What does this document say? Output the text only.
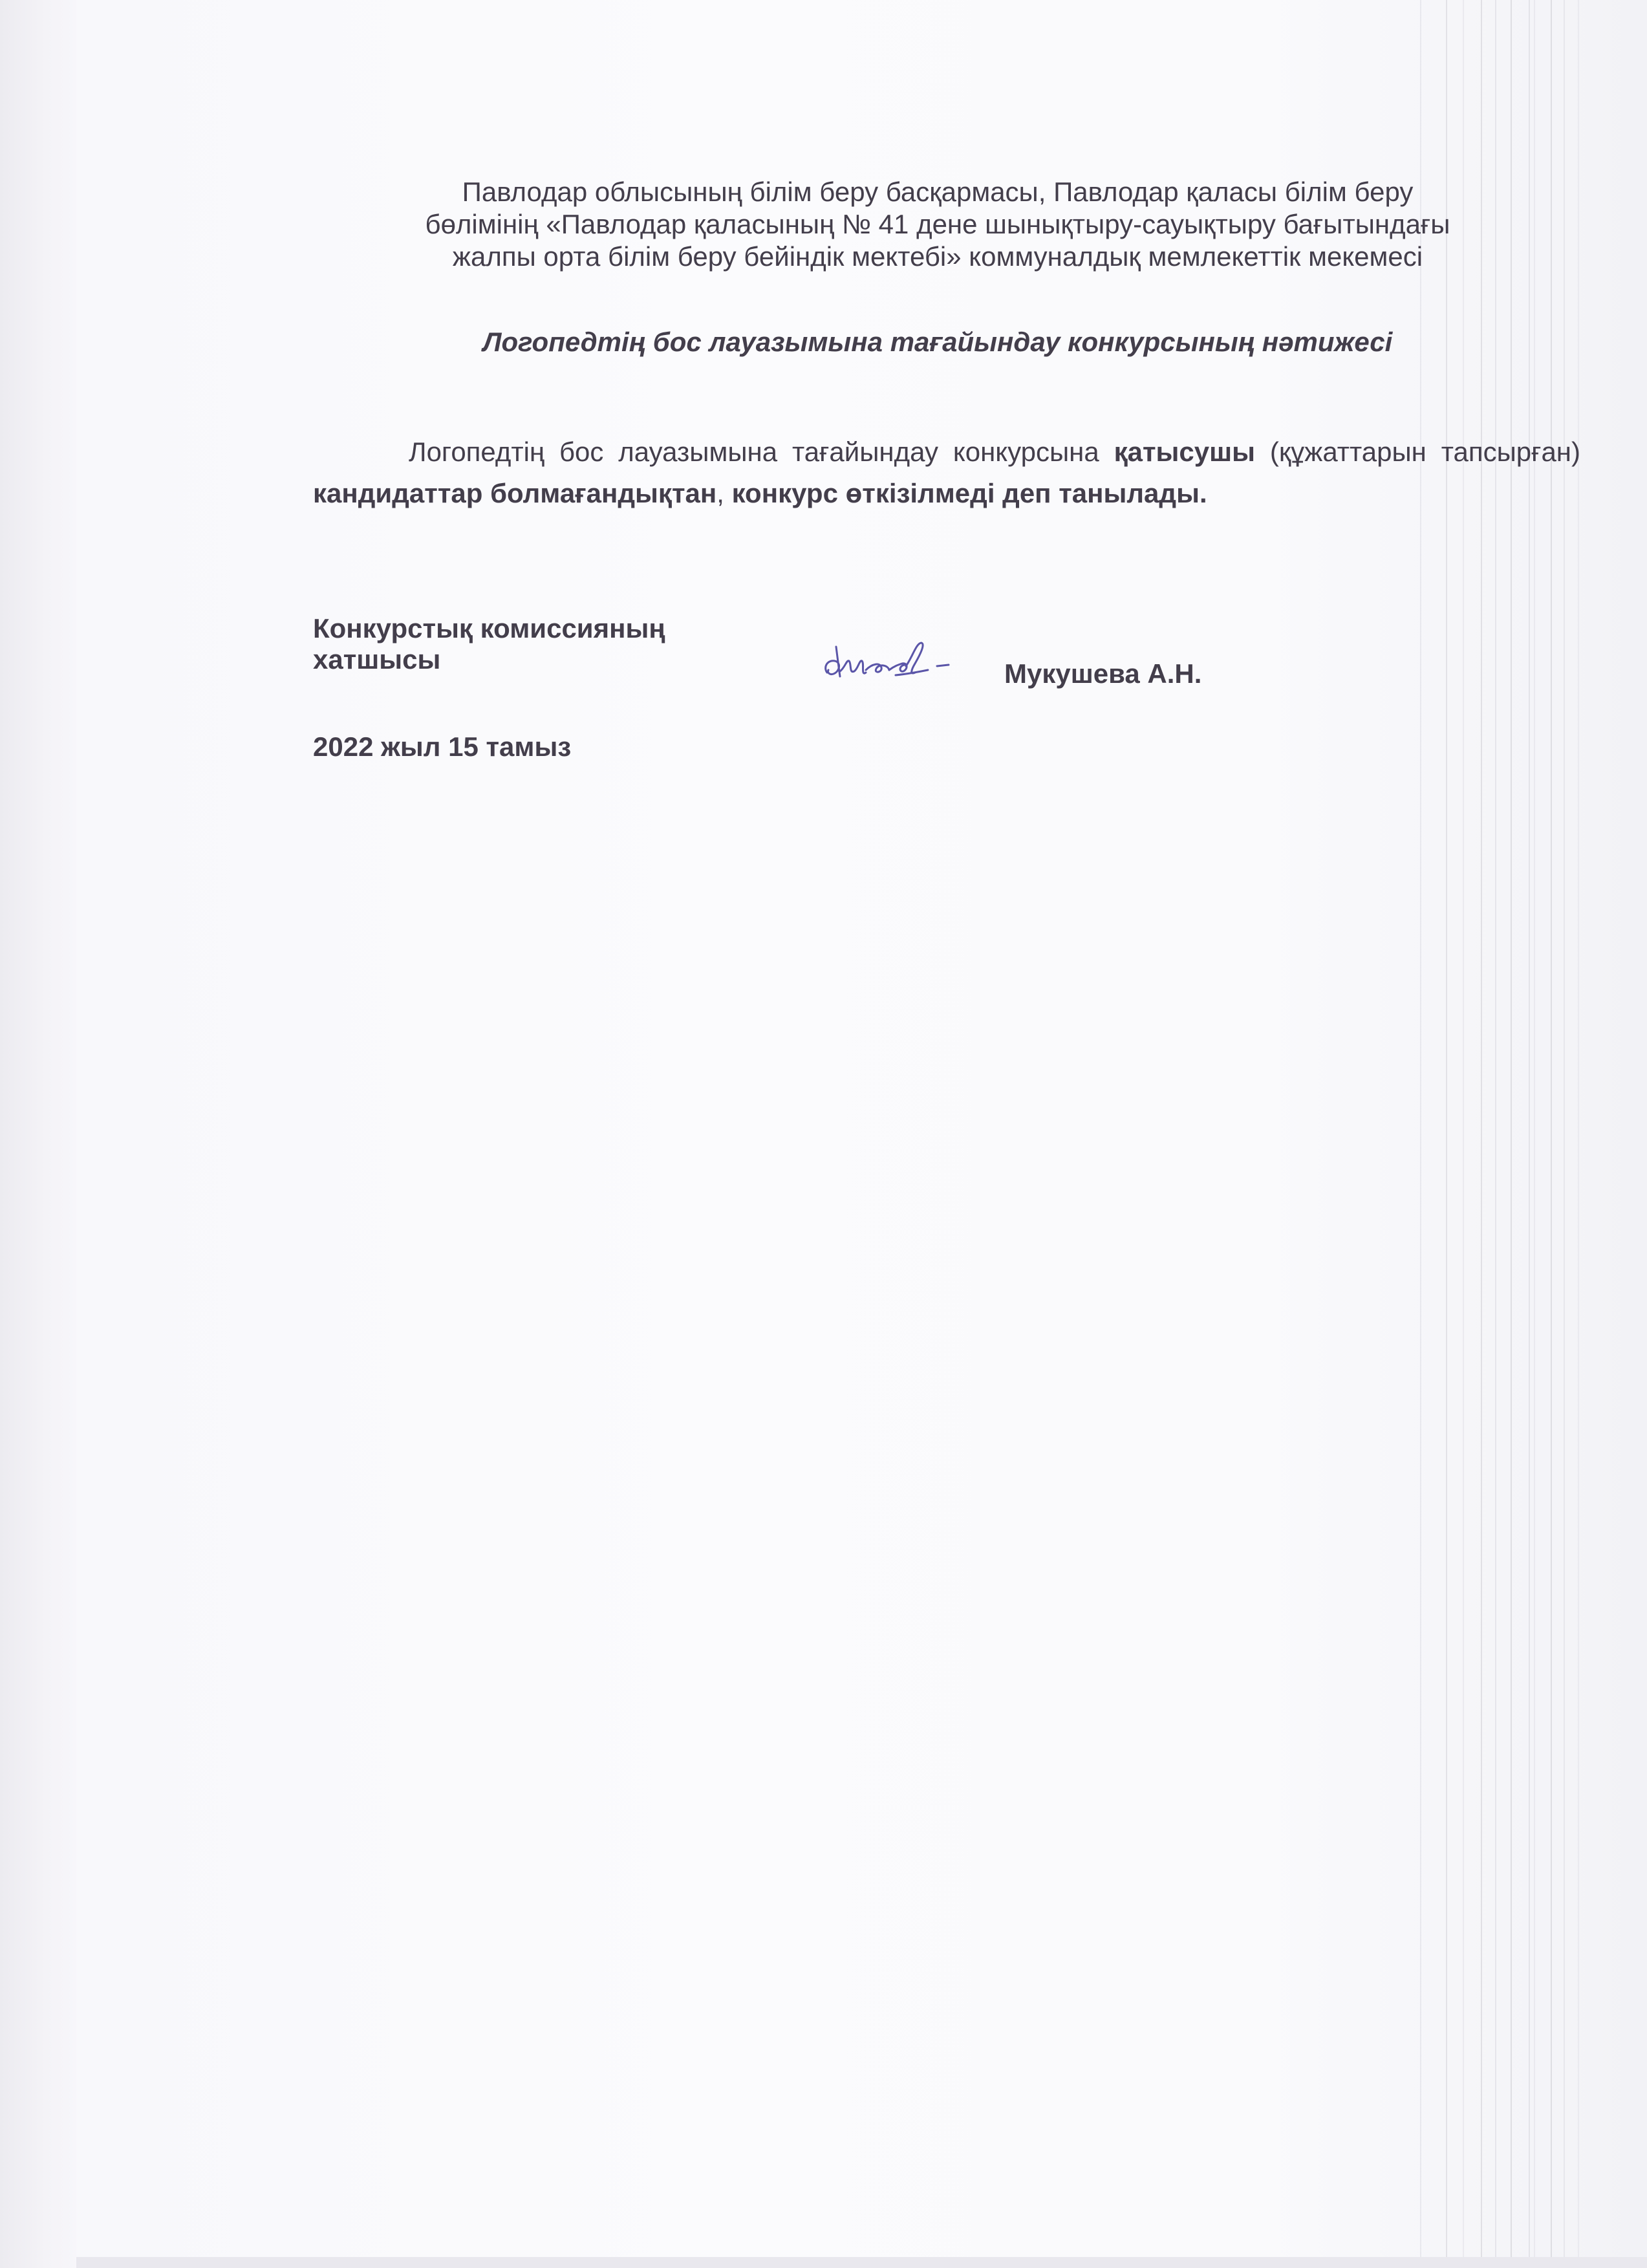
Павлодар облысының білім беру басқармасы, Павлодар қаласы білім беру
бөлімінің «Павлодар қаласының № 41 дене шынықтыру-сауықтыру бағытындағы
жалпы орта білім беру бейіндік мектебі» коммуналдық мемлекеттік мекемесі
Логопедтің бос лауазымына тағайындау конкурсының нәтижесі
Логопедтің бос лауазымына тағайындау конкурсына қатысушы (құжаттарын тапсырған) кандидаттар болмағандықтан, конкурс өткізілмеді деп танылады.
Конкурстық комиссияның
хатшысы	Мукушева А.Н.
2022 жыл 15 тамыз
